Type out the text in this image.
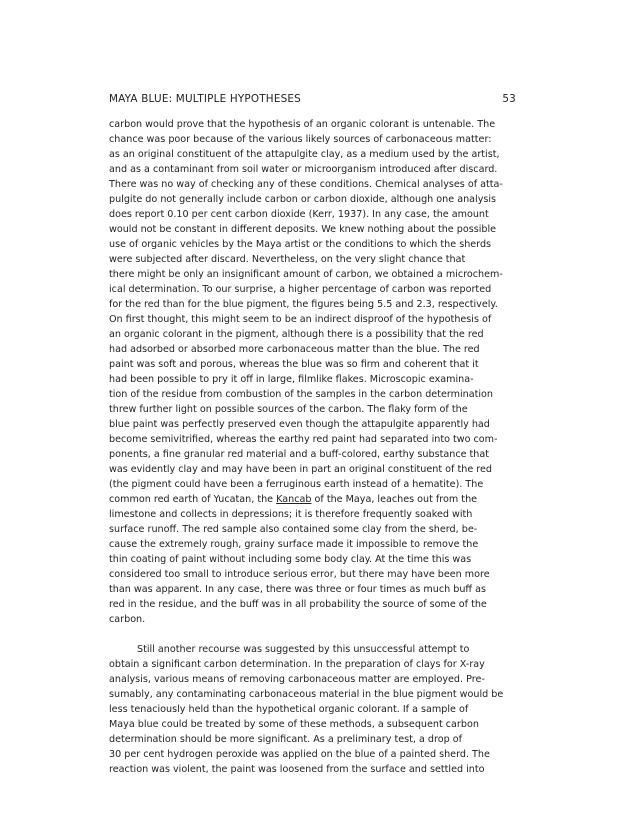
MAYA BLUE: MULTIPLE HYPOTHESES	53

carbon would prove that the hypothesis of an organic colorant is untenable. The
chance was poor because of the various likely sources of carbonaceous matter:
as an original constituent of the attapulgite clay, as a medium used by the artist,
and as a contaminant from soil water or microorganism introduced after discard.
There was no way of checking any of these conditions. Chemical analyses of atta-
pulgite do not generally include carbon or carbon dioxide, although one analysis
does report 0.10 per cent carbon dioxide (Kerr, 1937). In any case, the amount
would not be constant in different deposits. We knew nothing about the possible
use of organic vehicles by the Maya artist or the conditions to which the sherds
were subjected after discard. Nevertheless, on the very slight chance that
there might be only an insignificant amount of carbon, we obtained a microchem-
ical determination. To our surprise, a higher percentage of carbon was reported
for the red than for the blue pigment, the figures being 5.5 and 2.3, respectively.
On first thought, this might seem to be an indirect disproof of the hypothesis of
an organic colorant in the pigment, although there is a possibility that the red
had adsorbed or absorbed more carbonaceous matter than the blue. The red
paint was soft and porous, whereas the blue was so firm and coherent that it
had been possible to pry it off in large, filmlike flakes. Microscopic examina-
tion of the residue from combustion of the samples in the carbon determination
threw further light on possible sources of the carbon. The flaky form of the
blue paint was perfectly preserved even though the attapulgite apparently had
become semivitrified, whereas the earthy red paint had separated into two com-
ponents, a fine granular red material and a buff-colored, earthy substance that
was evidently clay and may have been in part an original constituent of the red
(the pigment could have been a ferruginous earth instead of a hematite). The
common red earth of Yucatan, the Kancab of the Maya, leaches out from the
limestone and collects in depressions; it is therefore frequently soaked with
surface runoff. The red sample also contained some clay from the sherd, be-
cause the extremely rough, grainy surface made it impossible to remove the
thin coating of paint without including some body clay. At the time this was
considered too small to introduce serious error, but there may have been more
than was apparent. In any case, there was three or four times as much buff as
red in the residue, and the buff was in all probability the source of some of the
carbon.

Still another recourse was suggested by this unsuccessful attempt to
obtain a significant carbon determination. In the preparation of clays for X-ray
analysis, various means of removing carbonaceous matter are employed. Pre-
sumably, any contaminating carbonaceous material in the blue pigment would be
less tenaciously held than the hypothetical organic colorant. If a sample of
Maya blue could be treated by some of these methods, a subsequent carbon
determination should be more significant. As a preliminary test, a drop of
30 per cent hydrogen peroxide was applied on the blue of a painted sherd. The
reaction was violent, the paint was loosened from the surface and settled into
